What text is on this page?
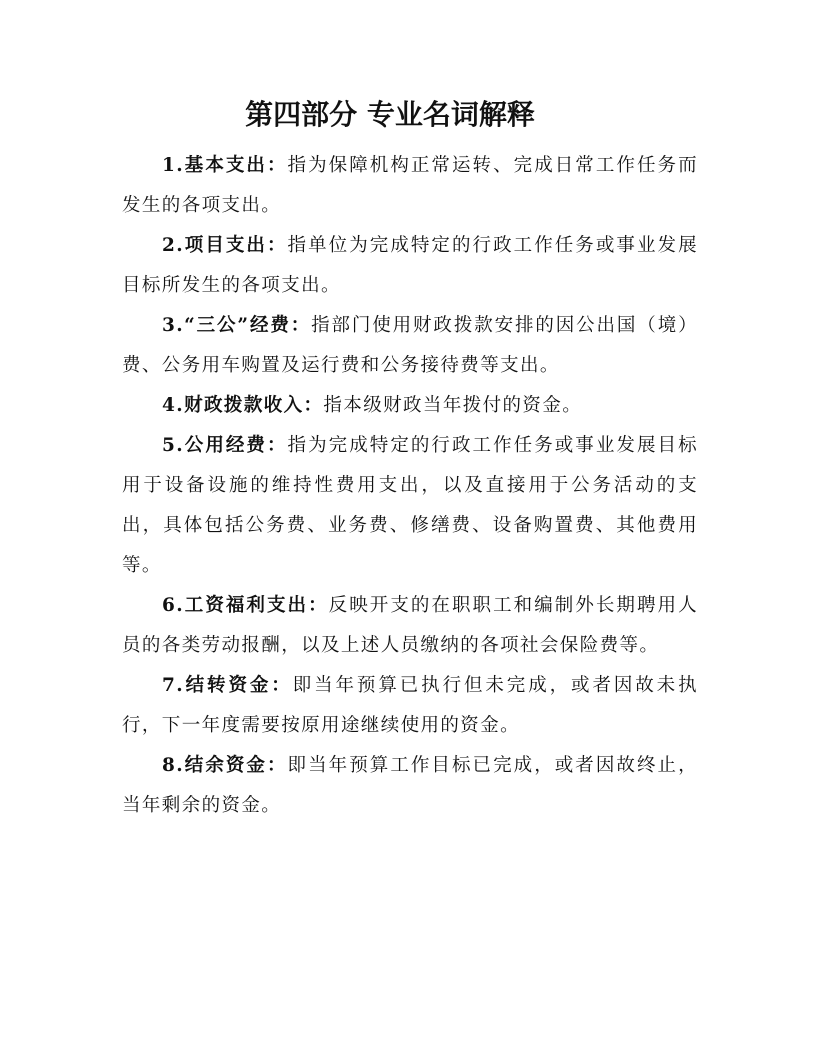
第四部分 专业名词解释

1.基本支出：指为保障机构正常运转、完成日常工作任务而发生的各项支出。

2.项目支出：指单位为完成特定的行政工作任务或事业发展目标所发生的各项支出。

3.“三公”经费：指部门使用财政拨款安排的因公出国（境）费、公务用车购置及运行费和公务接待费等支出。

4.财政拨款收入：指本级财政当年拨付的资金。

5.公用经费：指为完成特定的行政工作任务或事业发展目标用于设备设施的维持性费用支出，以及直接用于公务活动的支出，具体包括公务费、业务费、修缮费、设备购置费、其他费用等。

6.工资福利支出：反映开支的在职职工和编制外长期聘用人员的各类劳动报酬，以及上述人员缴纳的各项社会保险费等。

7.结转资金：即当年预算已执行但未完成，或者因故未执行，下一年度需要按原用途继续使用的资金。

8.结余资金：即当年预算工作目标已完成，或者因故终止，当年剩余的资金。
